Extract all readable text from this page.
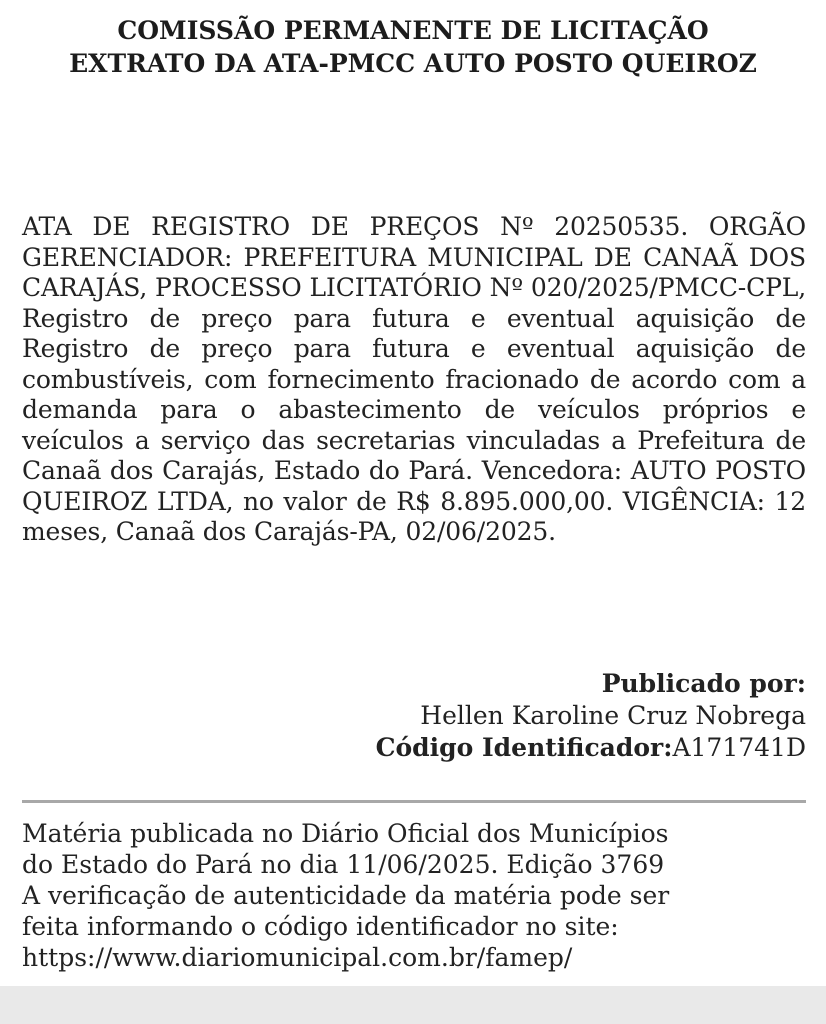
COMISSÃO PERMANENTE DE LICITAÇÃO
EXTRATO DA ATA-PMCC AUTO POSTO QUEIROZ
ATA DE REGISTRO DE PREÇOS Nº 20250535. ORGÃO GERENCIADOR: PREFEITURA MUNICIPAL DE CANAÃ DOS CARAJÁS, PROCESSO LICITATÓRIO Nº 020/2025/PMCC-CPL, Registro de preço para futura e eventual aquisição de Registro de preço para futura e eventual aquisição de combustíveis, com fornecimento fracionado de acordo com a demanda para o abastecimento de veículos próprios e veículos a serviço das secretarias vinculadas a Prefeitura de Canaã dos Carajás, Estado do Pará. Vencedora: AUTO POSTO QUEIROZ LTDA, no valor de R$ 8.895.000,00. VIGÊNCIA: 12 meses, Canaã dos Carajás-PA, 02/06/2025.
Publicado por:
Hellen Karoline Cruz Nobrega
Código Identificador:A171741D
Matéria publicada no Diário Oficial dos Municípios
do Estado do Pará no dia 11/06/2025. Edição 3769
A verificação de autenticidade da matéria pode ser
feita informando o código identificador no site:
https://www.diariomunicipal.com.br/famep/
